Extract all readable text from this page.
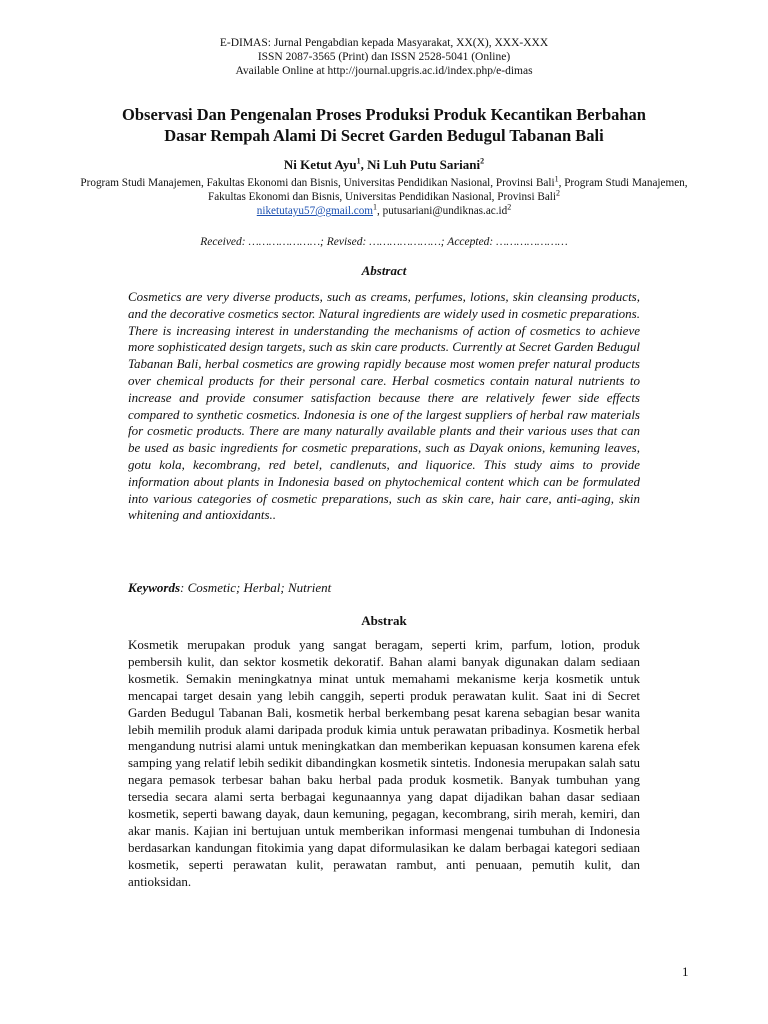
E-DIMAS: Jurnal Pengabdian kepada Masyarakat, XX(X), XXX-XXX
ISSN 2087-3565 (Print) dan ISSN 2528-5041 (Online)
Available Online at http://journal.upgris.ac.id/index.php/e-dimas
Observasi Dan Pengenalan Proses Produksi Produk Kecantikan Berbahan
Dasar Rempah Alami Di Secret Garden Bedugul Tabanan Bali
Ni Ketut Ayu$^1$, Ni Luh Putu Sariani$^2$
Program Studi Manajemen, Fakultas Ekonomi dan Bisnis, Universitas Pendidikan Nasional, Provinsi Bali$^1$, Program Studi Manajemen, Fakultas Ekonomi dan Bisnis, Universitas Pendidikan Nasional, Provinsi Bali$^2$
niketutayu57@gmail.com$^1$, $putusariani@undiknas.ac.id^2$
Received: …………………; Revised: …………………; Accepted: …………………
Abstract
Cosmetics are very diverse products, such as creams, perfumes, lotions, skin cleansing products, and the decorative cosmetics sector. Natural ingredients are widely used in cosmetic preparations. There is increasing interest in understanding the mechanisms of action of cosmetics to achieve more sophisticated design targets, such as skin care products. Currently at Secret Garden Bedugul Tabanan Bali, herbal cosmetics are growing rapidly because most women prefer natural products over chemical products for their personal care. Herbal cosmetics contain natural nutrients to increase and provide consumer satisfaction because there are relatively fewer side effects compared to synthetic cosmetics. Indonesia is one of the largest suppliers of herbal raw materials for cosmetic products. There are many naturally available plants and their various uses that can be used as basic ingredients for cosmetic preparations, such as Dayak onions, kemuning leaves, gotu kola, kecombrang, red betel, candlenuts, and liquorice. This study aims to provide information about plants in Indonesia based on phytochemical content which can be formulated into various categories of cosmetic preparations, such as skin care, hair care, anti-aging, skin whitening and antioxidants..
Keywords: Cosmetic; Herbal; Nutrient
Abstrak
Kosmetik merupakan produk yang sangat beragam, seperti krim, parfum, lotion, produk pembersih kulit, dan sektor kosmetik dekoratif. Bahan alami banyak digunakan dalam sediaan kosmetik. Semakin meningkatnya minat untuk memahami mekanisme kerja kosmetik untuk mencapai target desain yang lebih canggih, seperti produk perawatan kulit. Saat ini di Secret Garden Bedugul Tabanan Bali, kosmetik herbal berkembang pesat karena sebagian besar wanita lebih memilih produk alami daripada produk kimia untuk perawatan pribadinya. Kosmetik herbal mengandung nutrisi alami untuk meningkatkan dan memberikan kepuasan konsumen karena efek samping yang relatif lebih sedikit dibandingkan kosmetik sintetis. Indonesia merupakan salah satu negara pemasok terbesar bahan baku herbal pada produk kosmetik. Banyak tumbuhan yang tersedia secara alami serta berbagai kegunaannya yang dapat dijadikan bahan dasar sediaan kosmetik, seperti bawang dayak, daun kemuning, pegagan, kecombrang, sirih merah, kemiri, dan akar manis. Kajian ini bertujuan untuk memberikan informasi mengenai tumbuhan di Indonesia berdasarkan kandungan fitokimia yang dapat diformulasikan ke dalam berbagai kategori sediaan kosmetik, seperti perawatan kulit, perawatan rambut, anti penuaan, pemutih kulit, dan antioksidan.
1
